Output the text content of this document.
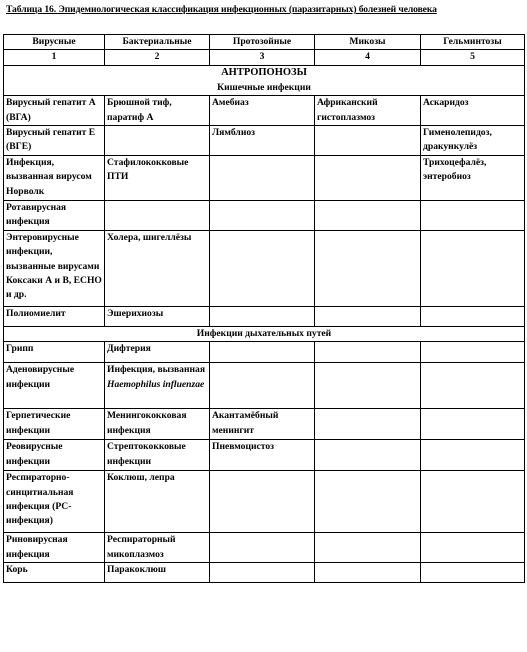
Таблица 16. Эпидемиологическая классификация инфекционных (паразитарных) болезней человека
Вирусные	Бактериальные	Протозойные	Микозы	Гельминтозы
1	2	3	4	5

АНТРОПОНОЗЫ
Кишечные инфекции				

Вирусный гепатит А (ВГА)	Брюшной тиф, паратиф А	Амебиаз	Африканский гистоплазмоз	Аскаридоз
Вирусный гепатит Е (ВГЕ)		Лямблиоз		Гименолепидоз, дракункулёз
Инфекция, вызванная вирусом Норволк	Стафилококковые ПТИ			Трихоцефалёз, энтеробиоз
Ротавирусная инфекция				
Энтеровирусные инфекции, вызванные вирусами Коксаки А и В, ECHO и др.	Холера, шигеллёзы			
Полиомиелит	Эшерихиозы			
Инфекции дыхательных путей				
Грипп	Дифтерия			
Аденовирусные инфекции	Инфекция, вызванная Haemophilus influenzae			
Герпетические инфекции	Менингококковая инфекция	Акантамёбный менингит		
Реовирусные инфекции	Стрептококковые инфекции	Пневмоцистоз		
Респираторно-синцитиальная инфекция (РС-инфекция)	Коклюш, лепра			
Риновирусная инфекция	Респираторный микоплазмоз			
Корь	Паракоклюш			
